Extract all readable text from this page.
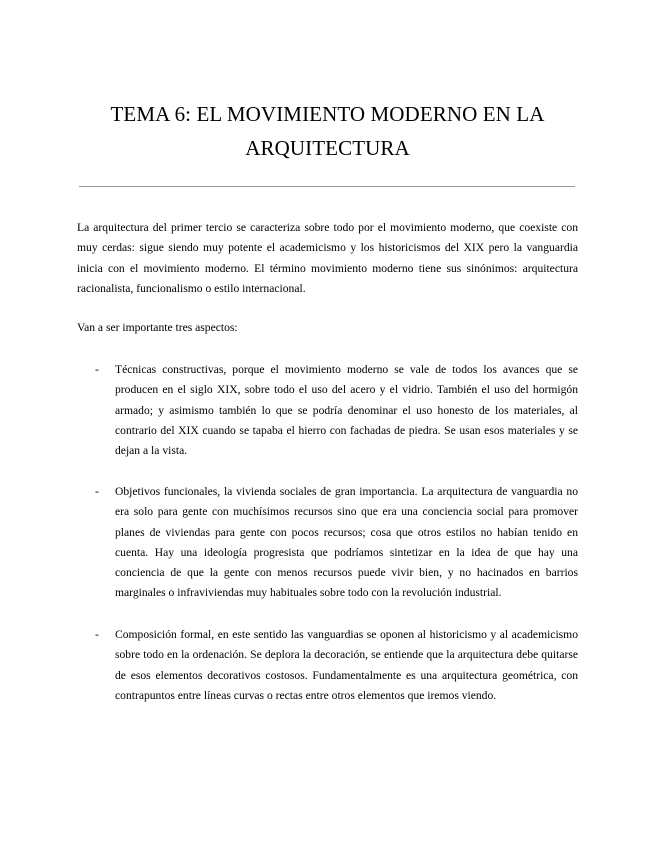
TEMA 6: EL MOVIMIENTO MODERNO EN LA ARQUITECTURA

La arquitectura del primer tercio se caracteriza sobre todo por el movimiento moderno, que coexiste con muy cerdas: sigue siendo muy potente el academicismo y los historicismos del XIX pero la vanguardia inicia con el movimiento moderno. El término movimiento moderno tiene sus sinónimos: arquitectura racionalista, funcionalismo o estilo internacional.

Van a ser importante tres aspectos:

- Técnicas constructivas, porque el movimiento moderno se vale de todos los avances que se producen en el siglo XIX, sobre todo el uso del acero y el vidrio. También el uso del hormigón armado; y asimismo también lo que se podría denominar el uso honesto de los materiales, al contrario del XIX cuando se tapaba el hierro con fachadas de piedra. Se usan esos materiales y se dejan a la vista.
- Objetivos funcionales, la vivienda sociales de gran importancia. La arquitectura de vanguardia no era solo para gente con muchísimos recursos sino que era una conciencia social para promover planes de viviendas para gente con pocos recursos; cosa que otros estilos no habían tenido en cuenta. Hay una ideología progresista que podríamos sintetizar en la idea de que hay una conciencia de que la gente con menos recursos puede vivir bien, y no hacinados en barrios marginales o infraviviendas muy habituales sobre todo con la revolución industrial.
- Composición formal, en este sentido las vanguardias se oponen al historicismo y al academicismo sobre todo en la ordenación. Se deplora la decoración, se entiende que la arquitectura debe quitarse de esos elementos decorativos costosos. Fundamentalmente es una arquitectura geométrica, con contrapuntos entre líneas curvas o rectas entre otros elementos que iremos viendo.
